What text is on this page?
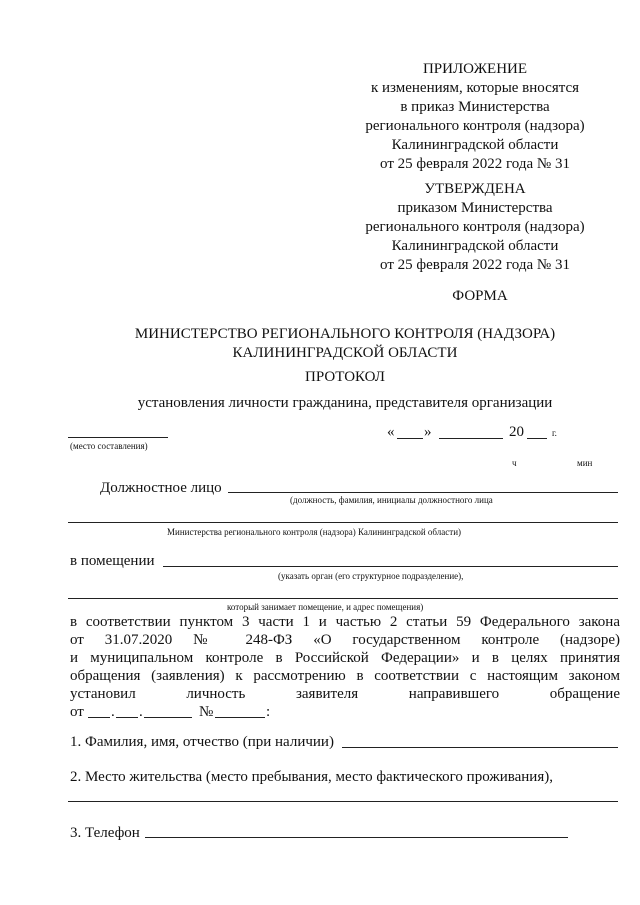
ПРИЛОЖЕНИЕ
к изменениям, которые вносятся
в приказ Министерства
регионального контроля (надзора)
Калининградской области
от 25 февраля 2022 года № 31
УТВЕРЖДЕНА
приказом Министерства
регионального контроля (надзора)
Калининградской области
от 25 февраля 2022 года № 31
ФОРМА
МИНИСТЕРСТВО РЕГИОНАЛЬНОГО КОНТРОЛЯ (НАДЗОРА)
КАЛИНИНГРАДСКОЙ ОБЛАСТИ
ПРОТОКОЛ
установления личности гражданина, представителя организации
(место составления)
« »	20	г.
ч	мин
Должностное лицо
(должность, фамилия, инициалы должностного лица
Министерства регионального контроля (надзора) Калининградской области)
в помещении
(указать орган (его структурное подразделение),
который занимает помещение, и адрес помещения)
в соответствии пунктом 3 части 1 и частью 2 статьи 59 Федерального закона
от 31.07.2020 № 248-ФЗ «О государственном контроле (надзоре)
и муниципальном контроле в Российской Федерации» и в целях принятия
обращения (заявления) к рассмотрению в соответствии с настоящим законом
установил личность заявителя направившего обращение
от . .	№	:
1. Фамилия, имя, отчество (при наличии)
2. Место жительства (место пребывания, место фактического проживания),
3. Телефон
